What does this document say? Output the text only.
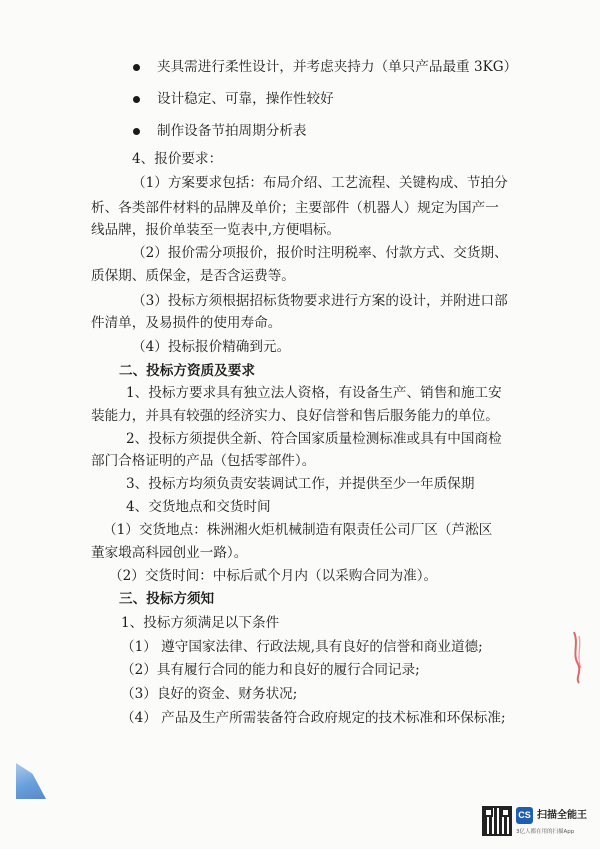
夹具需进行柔性设计，并考虑夹持力（单只产品最重 3KG）
设计稳定、可靠，操作性较好
制作设备节拍周期分析表
4、报价要求：
（1）方案要求包括：布局介绍、工艺流程、关键构成、节拍分
析、各类部件材料的品牌及单价；主要部件（机器人）规定为国产一
线品牌，报价单装至一览表中,方便唱标。
（2）报价需分项报价，报价时注明税率、付款方式、交货期、
质保期、质保金，是否含运费等。
（3）投标方须根据招标货物要求进行方案的设计，并附进口部
件清单，及易损件的使用寿命。
（4）投标报价精确到元。
二、投标方资质及要求
1、投标方要求具有独立法人资格，有设备生产、销售和施工安
装能力，并具有较强的经济实力、良好信誉和售后服务能力的单位。
2、投标方须提供全新、符合国家质量检测标准或具有中国商检
部门合格证明的产品（包括零部件）。
3、投标方均须负责安装调试工作，并提供至少一年质保期
4、交货地点和交货时间
（1）交货地点：株洲湘火炬机械制造有限责任公司厂区（芦淞区
董家塅高科园创业一路）。
（2）交货时间：中标后贰个月内（以采购合同为准）。
三、投标方须知
1、投标方须满足以下条件
（1） 遵守国家法律、行政法规,具有良好的信誉和商业道德;
（2）具有履行合同的能力和良好的履行合同记录;
（3）良好的资金、财务状况;
（4） 产品及生产所需装备符合政府规定的技术标准和环保标准;
CS 扫描全能王
3亿人都在用的扫描App
